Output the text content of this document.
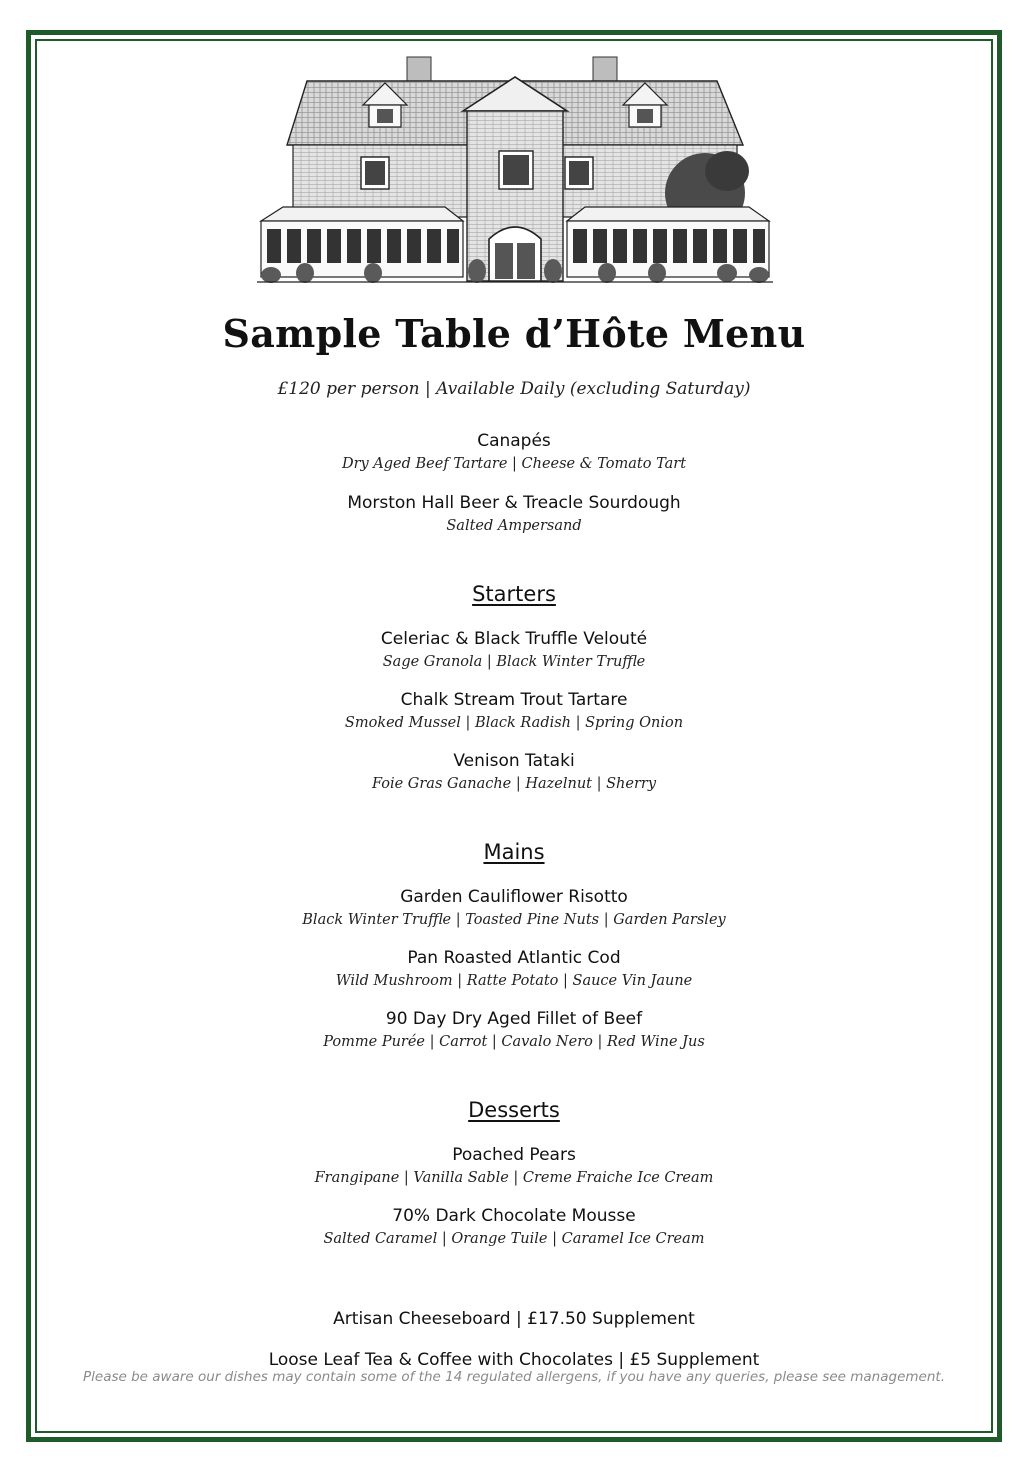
Sample Table d’Hôte Menu
£120 per person | Available Daily (excluding Saturday)
Canapés
Dry Aged Beef Tartare | Cheese & Tomato Tart
Morston Hall Beer & Treacle Sourdough
Salted Ampersand
Starters
Celeriac & Black Truffle Velouté
Sage Granola | Black Winter Truffle
Chalk Stream Trout Tartare
Smoked Mussel | Black Radish | Spring Onion
Venison Tataki
Foie Gras Ganache | Hazelnut | Sherry
Mains
Garden Cauliflower Risotto
Black Winter Truffle | Toasted Pine Nuts | Garden Parsley
Pan Roasted Atlantic Cod
Wild Mushroom | Ratte Potato | Sauce Vin Jaune
90 Day Dry Aged Fillet of Beef
Pomme Purée | Carrot | Cavalo Nero | Red Wine Jus
Desserts
Poached Pears
Frangipane | Vanilla Sable | Creme Fraiche Ice Cream
70% Dark Chocolate Mousse
Salted Caramel | Orange Tuile | Caramel Ice Cream
Artisan Cheeseboard | £17.50 Supplement
Loose Leaf Tea & Coffee with Chocolates | £5 Supplement
Please be aware our dishes may contain some of the 14 regulated allergens, if you have any queries, please see management.
